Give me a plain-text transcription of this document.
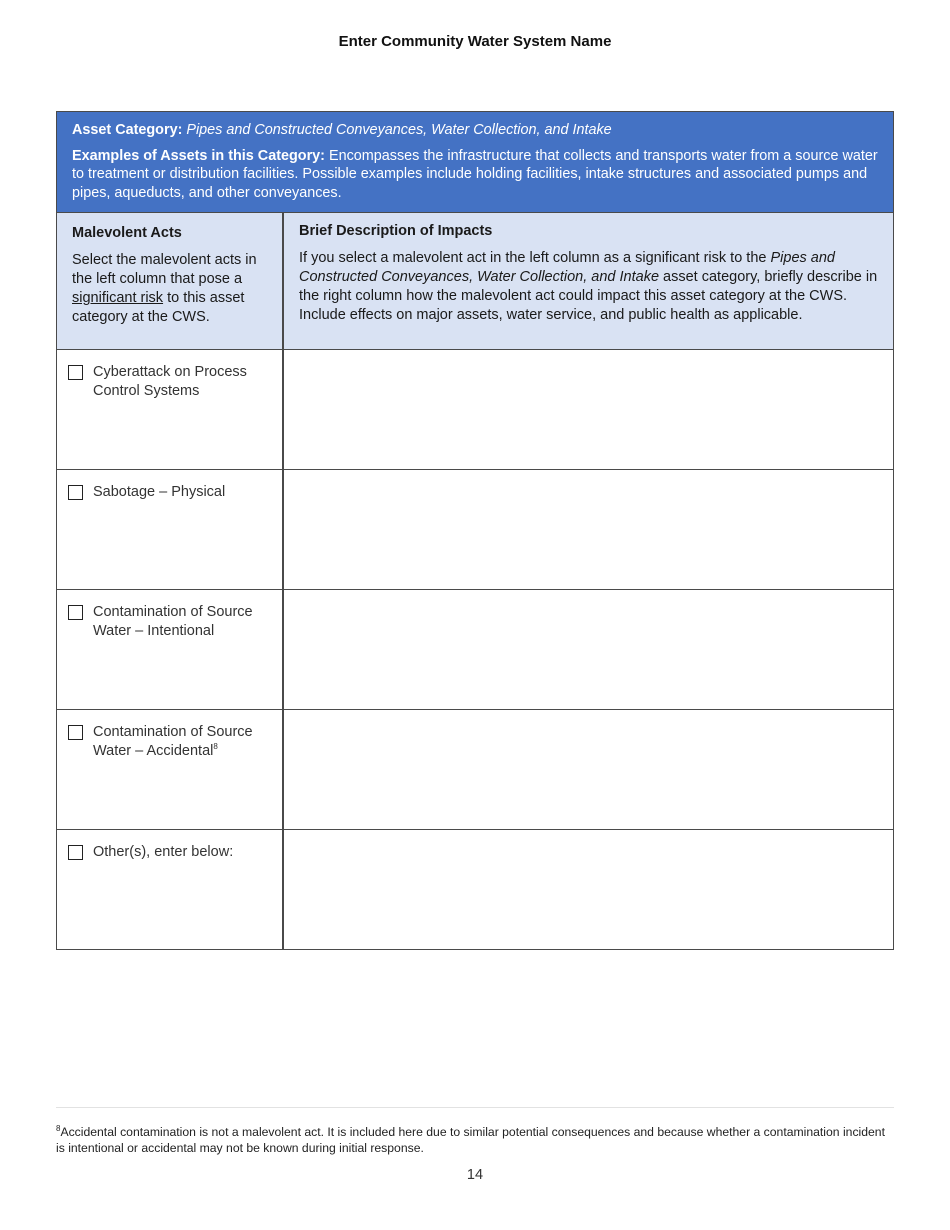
Enter Community Water System Name
Asset Category: Pipes and Constructed Conveyances, Water Collection, and Intake
Examples of Assets in this Category: Encompasses the infrastructure that collects and transports water from a source water to treatment or distribution facilities. Possible examples include holding facilities, intake structures and associated pumps and pipes, aqueducts, and other conveyances.
Malevolent Acts
Select the malevolent acts in the left column that pose a significant risk to this asset category at the CWS.
Brief Description of Impacts
If you select a malevolent act in the left column as a significant risk to the Pipes and Constructed Conveyances, Water Collection, and Intake asset category, briefly describe in the right column how the malevolent act could impact this asset category at the CWS. Include effects on major assets, water service, and public health as applicable.
Cyberattack on Process Control Systems
Sabotage – Physical
Contamination of Source Water – Intentional
Contamination of Source Water – Accidental$^8$
Other(s), enter below:
$^8$Accidental contamination is not a malevolent act. It is included here due to similar potential consequences and because whether a contamination incident is intentional or accidental may not be known during initial response.
14
